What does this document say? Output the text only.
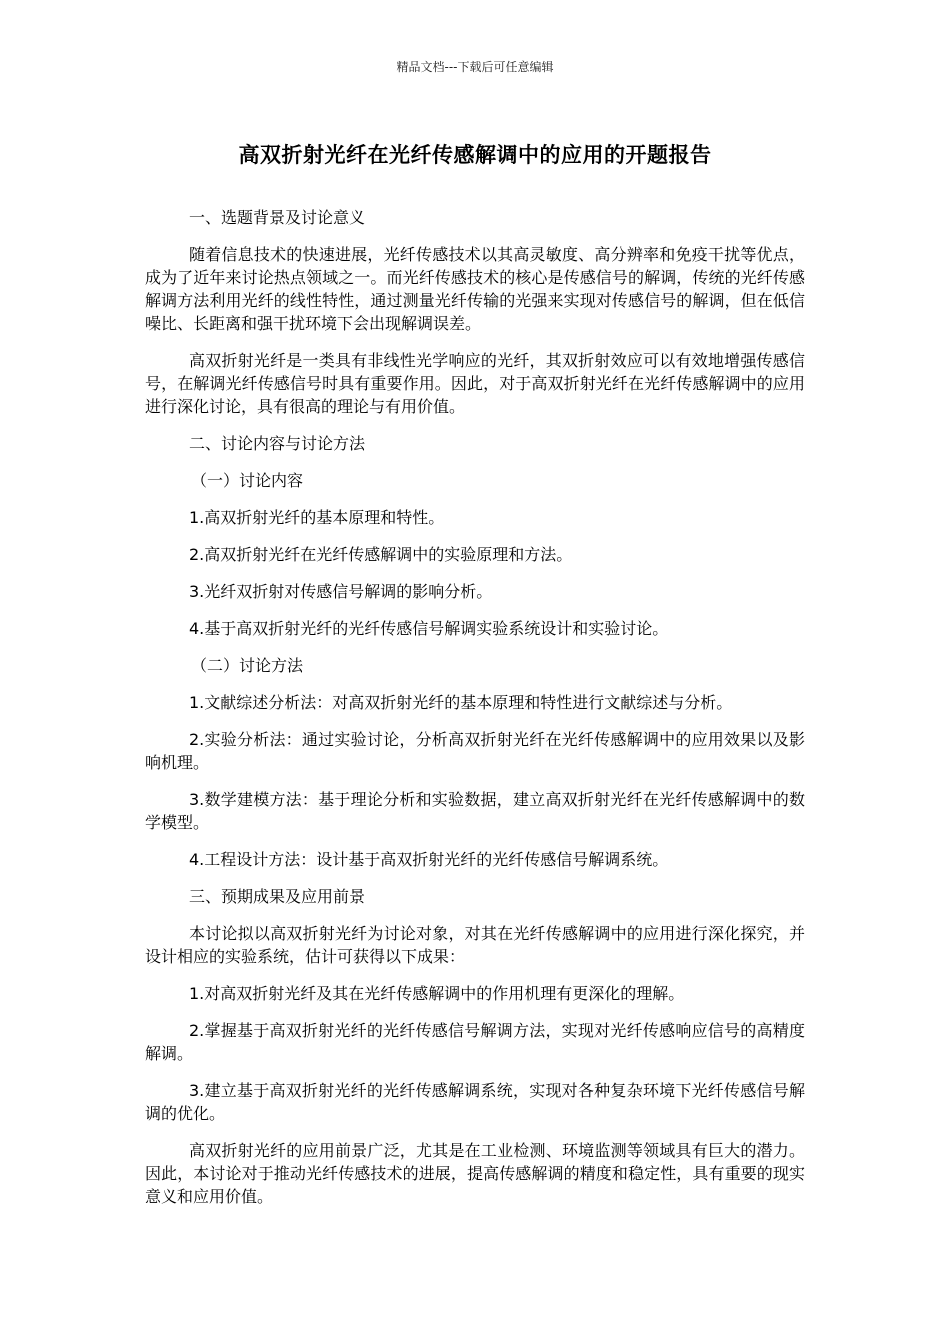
精品文档---下载后可任意编辑
高双折射光纤在光纤传感解调中的应用的开题报告

一、选题背景及讨论意义

随着信息技术的快速进展，光纤传感技术以其高灵敏度、高分辨率和免疫干扰等优点，成为了近年来讨论热点领域之一。而光纤传感技术的核心是传感信号的解调，传统的光纤传感解调方法利用光纤的线性特性，通过测量光纤传输的光强来实现对传感信号的解调，但在低信噪比、长距离和强干扰环境下会出现解调误差。

高双折射光纤是一类具有非线性光学响应的光纤，其双折射效应可以有效地增强传感信号，在解调光纤传感信号时具有重要作用。因此，对于高双折射光纤在光纤传感解调中的应用进行深化讨论，具有很高的理论与有用价值。

二、讨论内容与讨论方法

（一）讨论内容

1.高双折射光纤的基本原理和特性。

2.高双折射光纤在光纤传感解调中的实验原理和方法。

3.光纤双折射对传感信号解调的影响分析。

4.基于高双折射光纤的光纤传感信号解调实验系统设计和实验讨论。

（二）讨论方法

1.文献综述分析法：对高双折射光纤的基本原理和特性进行文献综述与分析。

2.实验分析法：通过实验讨论，分析高双折射光纤在光纤传感解调中的应用效果以及影响机理。

3.数学建模方法：基于理论分析和实验数据，建立高双折射光纤在光纤传感解调中的数学模型。

4.工程设计方法：设计基于高双折射光纤的光纤传感信号解调系统。

三、预期成果及应用前景

本讨论拟以高双折射光纤为讨论对象，对其在光纤传感解调中的应用进行深化探究，并设计相应的实验系统，估计可获得以下成果：

1.对高双折射光纤及其在光纤传感解调中的作用机理有更深化的理解。

2.掌握基于高双折射光纤的光纤传感信号解调方法，实现对光纤传感响应信号的高精度解调。

3.建立基于高双折射光纤的光纤传感解调系统，实现对各种复杂环境下光纤传感信号解调的优化。

高双折射光纤的应用前景广泛，尤其是在工业检测、环境监测等领域具有巨大的潜力。因此，本讨论对于推动光纤传感技术的进展，提高传感解调的精度和稳定性，具有重要的现实意义和应用价值。
